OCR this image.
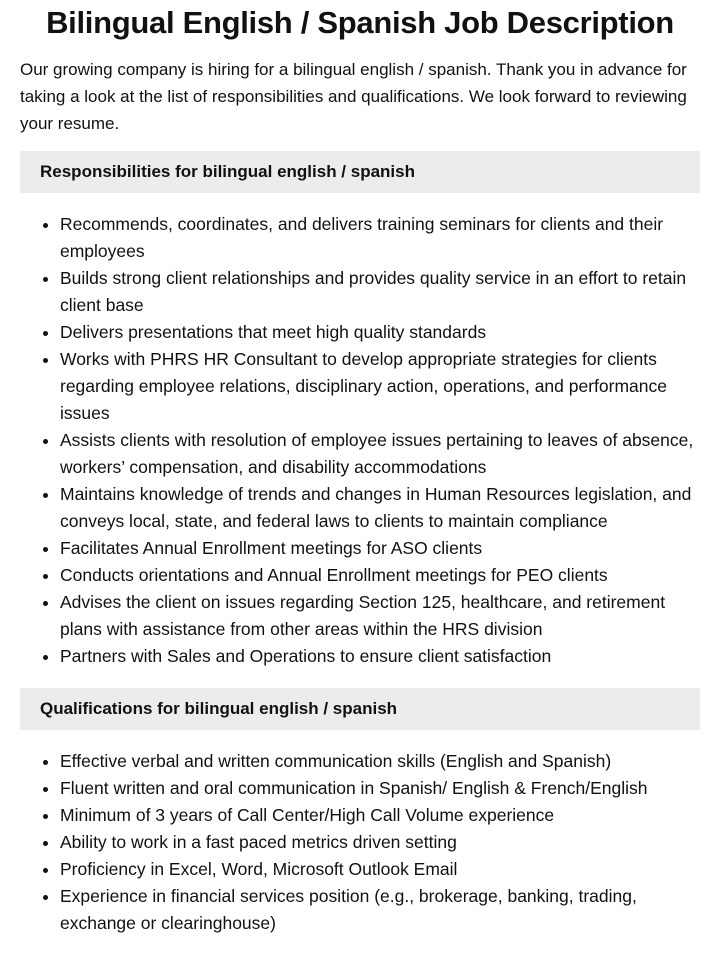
Bilingual English / Spanish Job Description

Our growing company is hiring for a bilingual english / spanish. Thank you in advance for taking a look at the list of responsibilities and qualifications. We look forward to reviewing your resume.

Responsibilities for bilingual english / spanish
• Recommends, coordinates, and delivers training seminars for clients and their employees
• Builds strong client relationships and provides quality service in an effort to retain client base
• Delivers presentations that meet high quality standards
• Works with PHRS HR Consultant to develop appropriate strategies for clients regarding employee relations, disciplinary action, operations, and performance issues
• Assists clients with resolution of employee issues pertaining to leaves of absence, workers’ compensation, and disability accommodations
• Maintains knowledge of trends and changes in Human Resources legislation, and conveys local, state, and federal laws to clients to maintain compliance
• Facilitates Annual Enrollment meetings for ASO clients
• Conducts orientations and Annual Enrollment meetings for PEO clients
• Advises the client on issues regarding Section 125, healthcare, and retirement plans with assistance from other areas within the HRS division
• Partners with Sales and Operations to ensure client satisfaction
Qualifications for bilingual english / spanish
• Effective verbal and written communication skills (English and Spanish)
• Fluent written and oral communication in Spanish/ English & French/English
• Minimum of 3 years of Call Center/High Call Volume experience
• Ability to work in a fast paced metrics driven setting
• Proficiency in Excel, Word, Microsoft Outlook Email
• Experience in financial services position (e.g., brokerage, banking, trading, exchange or clearinghouse)
